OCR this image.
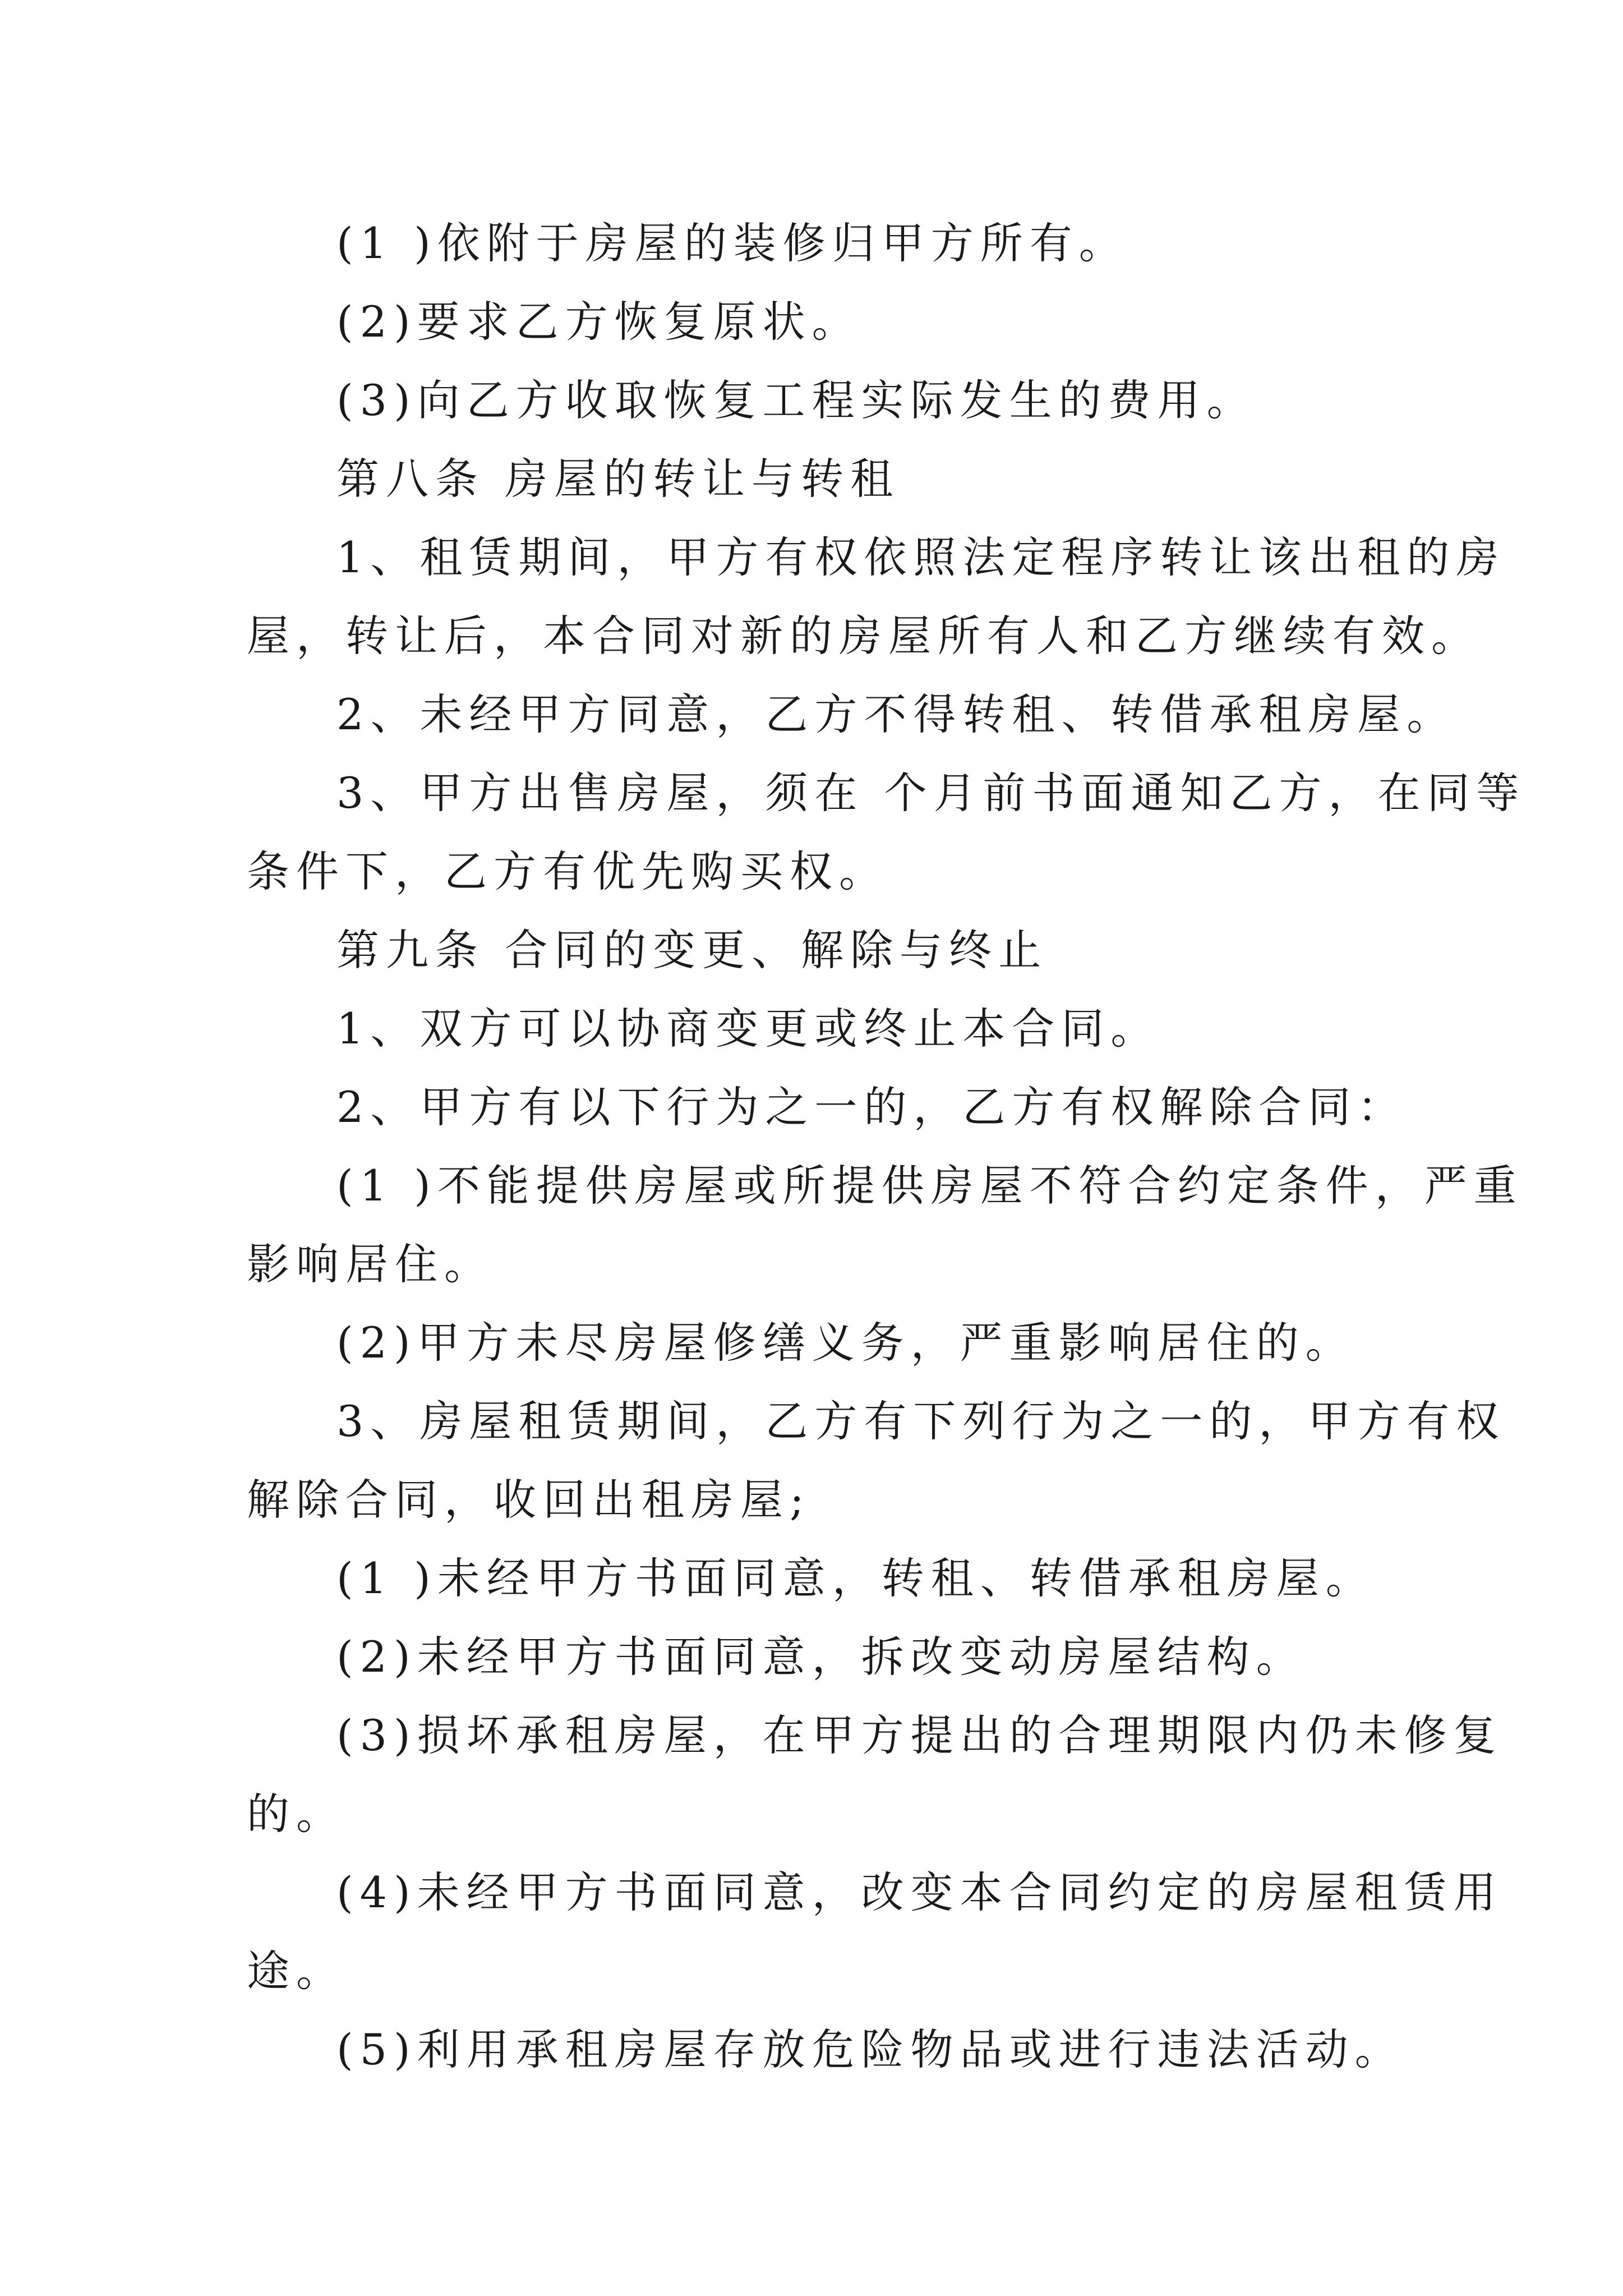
(1 )依附于房屋的装修归甲方所有。
(2)要求乙方恢复原状。
(3)向乙方收取恢复工程实际发生的费用。
第八条 房屋的转让与转租
1、租赁期间，甲方有权依照法定程序转让该出租的房
屋，转让后，本合同对新的房屋所有人和乙方继续有效。
2、未经甲方同意，乙方不得转租、转借承租房屋。
3、甲方出售房屋，须在 个月前书面通知乙方，在同等
条件下，乙方有优先购买权。
第九条 合同的变更、解除与终止
1、双方可以协商变更或终止本合同。
2、甲方有以下行为之一的，乙方有权解除合同：
(1 )不能提供房屋或所提供房屋不符合约定条件，严重
影响居住。
(2)甲方未尽房屋修缮义务，严重影响居住的。
3、房屋租赁期间，乙方有下列行为之一的，甲方有权
解除合同，收回出租房屋;
(1 )未经甲方书面同意，转租、转借承租房屋。
(2)未经甲方书面同意，拆改变动房屋结构。
(3)损坏承租房屋，在甲方提出的合理期限内仍未修复
的。
(4)未经甲方书面同意，改变本合同约定的房屋租赁用
途。
(5)利用承租房屋存放危险物品或进行违法活动。
